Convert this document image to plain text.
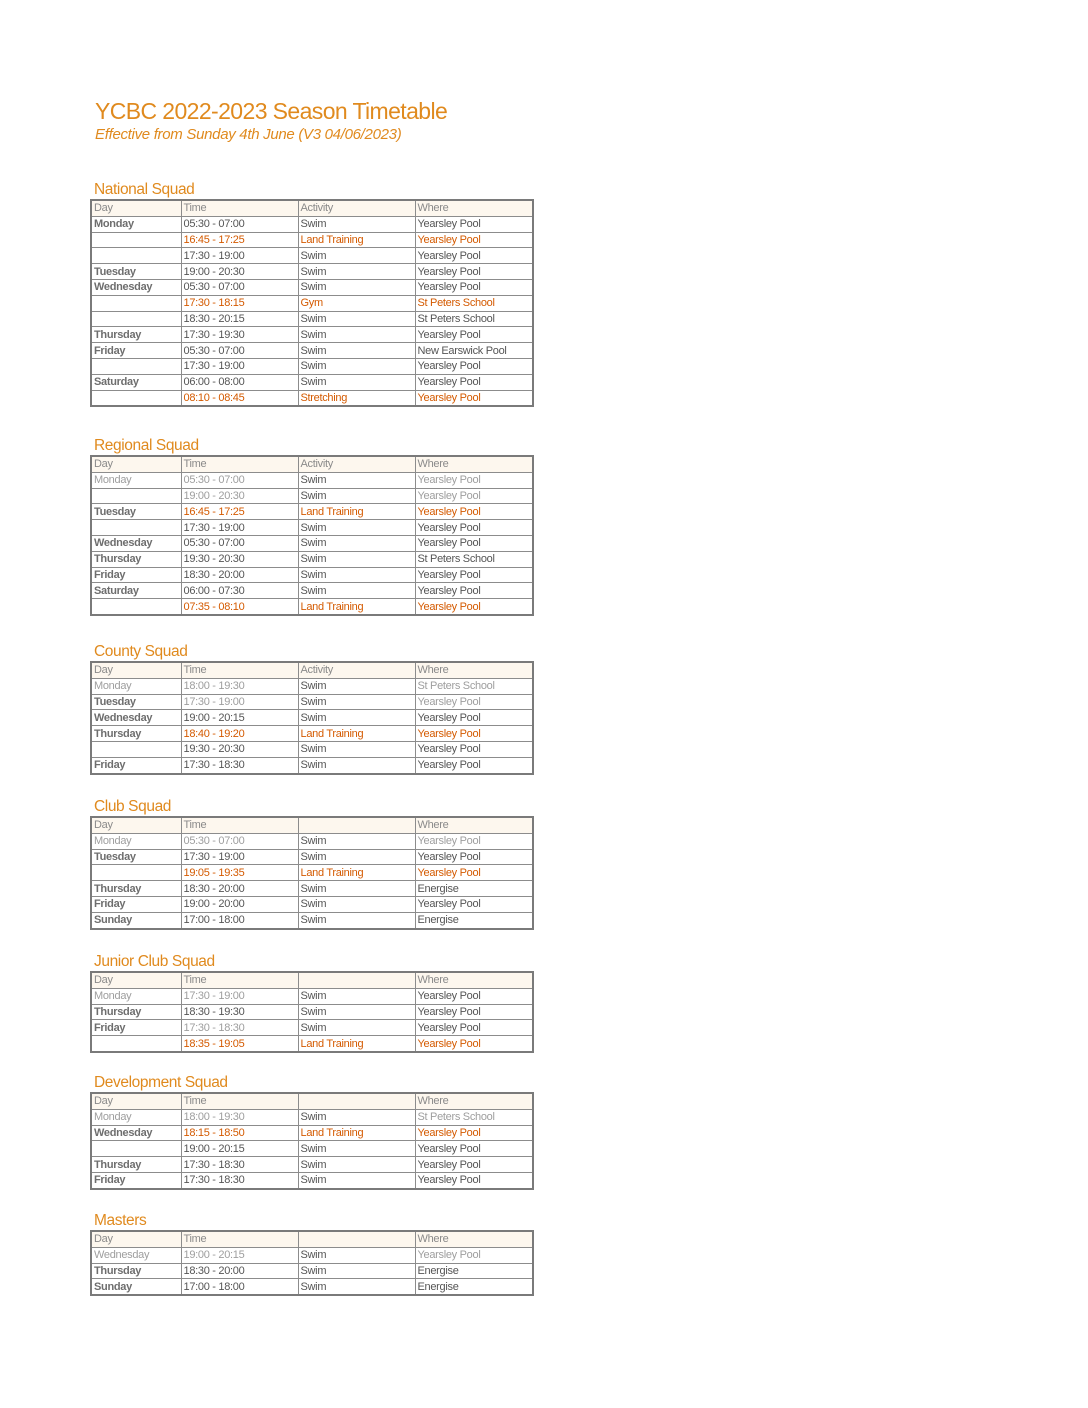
YCBC 2022-2023 Season Timetable
Effective from Sunday 4th June (V3 04/06/2023)
National Squad
Day	Time	Activity	Where
Monday	05:30 - 07:00	Swim	Yearsley Pool
	16:45 - 17:25	Land Training	Yearsley Pool
	17:30 - 19:00	Swim	Yearsley Pool
Tuesday	19:00 - 20:30	Swim	Yearsley Pool
Wednesday	05:30 - 07:00	Swim	Yearsley Pool
	17:30 - 18:15	Gym	St Peters School
	18:30 - 20:15	Swim	St Peters School
Thursday	17:30 - 19:30	Swim	Yearsley Pool
Friday	05:30 - 07:00	Swim	New Earswick Pool
	17:30 - 19:00	Swim	Yearsley Pool
Saturday	06:00 - 08:00	Swim	Yearsley Pool
	08:10 - 08:45	Stretching	Yearsley Pool
Regional Squad
Day	Time	Activity	Where
Monday	05:30 - 07:00	Swim	Yearsley Pool
	19:00 - 20:30	Swim	Yearsley Pool
Tuesday	16:45 - 17:25	Land Training	Yearsley Pool
	17:30 - 19:00	Swim	Yearsley Pool
Wednesday	05:30 - 07:00	Swim	Yearsley Pool
Thursday	19:30 - 20:30	Swim	St Peters School
Friday	18:30 - 20:00	Swim	Yearsley Pool
Saturday	06:00 - 07:30	Swim	Yearsley Pool
	07:35 - 08:10	Land Training	Yearsley Pool
County Squad
Day	Time	Activity	Where
Monday	18:00 - 19:30	Swim	St Peters School
Tuesday	17:30 - 19:00	Swim	Yearsley Pool
Wednesday	19:00 - 20:15	Swim	Yearsley Pool
Thursday	18:40 - 19:20	Land Training	Yearsley Pool
	19:30 - 20:30	Swim	Yearsley Pool
Friday	17:30 - 18:30	Swim	Yearsley Pool
Club Squad
Day	Time		Where
Monday	05:30 - 07:00	Swim	Yearsley Pool
Tuesday	17:30 - 19:00	Swim	Yearsley Pool
	19:05 - 19:35	Land Training	Yearsley Pool
Thursday	18:30 - 20:00	Swim	Energise
Friday	19:00 - 20:00	Swim	Yearsley Pool
Sunday	17:00 - 18:00	Swim	Energise
Junior Club Squad
Day	Time		Where
Monday	17:30 - 19:00	Swim	Yearsley Pool
Thursday	18:30 - 19:30	Swim	Yearsley Pool
Friday	17:30 - 18:30	Swim	Yearsley Pool
	18:35 - 19:05	Land Training	Yearsley Pool
Development Squad
Day	Time		Where
Monday	18:00 - 19:30	Swim	St Peters School
Wednesday	18:15 - 18:50	Land Training	Yearsley Pool
	19:00 - 20:15	Swim	Yearsley Pool
Thursday	17:30 - 18:30	Swim	Yearsley Pool
Friday	17:30 - 18:30	Swim	Yearsley Pool
Masters
Day	Time		Where
Wednesday	19:00 - 20:15	Swim	Yearsley Pool
Thursday	18:30 - 20:00	Swim	Energise
Sunday	17:00 - 18:00	Swim	Energise
